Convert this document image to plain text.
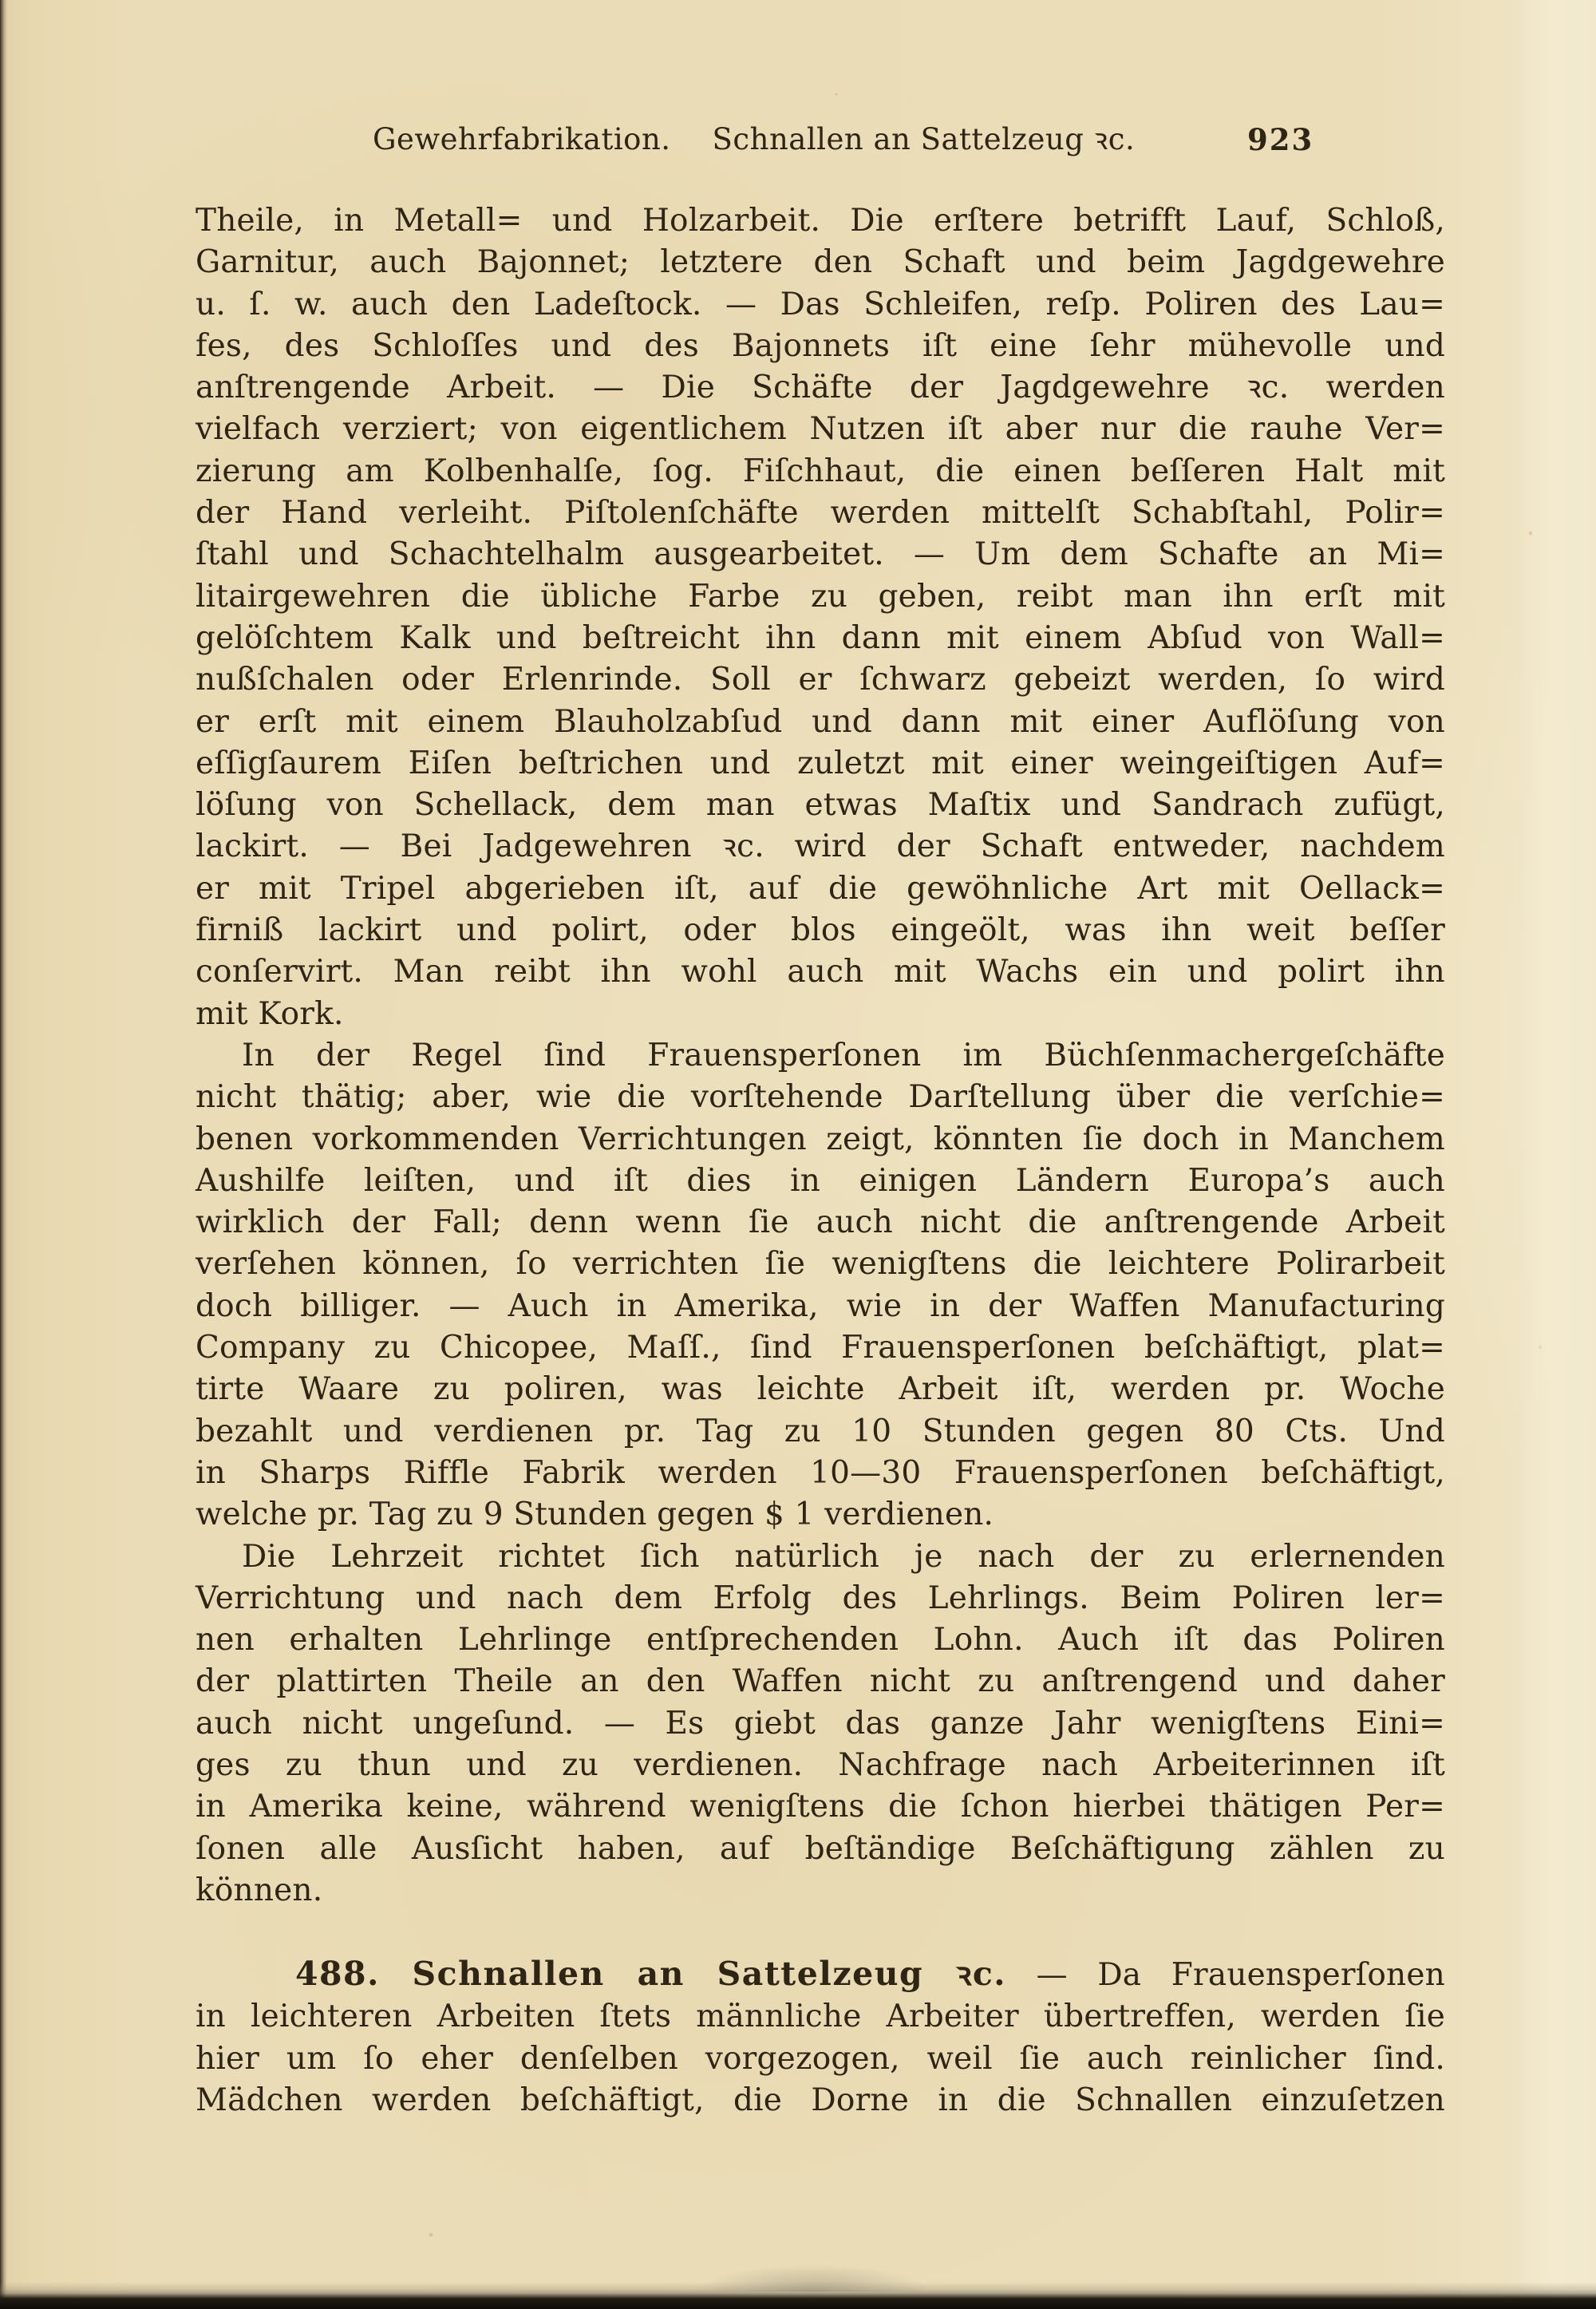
Gewehrfabrikation. Schnallen an Sattelzeug ꝛc.	923
Theile, in Metall= und Holzarbeit. Die erſtere betrifft Lauf, Schloß,
Garnitur, auch Bajonnet; letztere den Schaft und beim Jagdgewehre
u. ſ. w. auch den Ladeſtock. — Das Schleifen, reſp. Poliren des Lau=
fes, des Schloſſes und des Bajonnets iſt eine ſehr mühevolle und
anſtrengende Arbeit. — Die Schäfte der Jagdgewehre ꝛc. werden
vielfach verziert; von eigentlichem Nutzen iſt aber nur die rauhe Ver=
zierung am Kolbenhalſe, ſog. Fiſchhaut, die einen beſſeren Halt mit
der Hand verleiht. Piſtolenſchäfte werden mittelſt Schabſtahl, Polir=
ſtahl und Schachtelhalm ausgearbeitet. — Um dem Schafte an Mi=
litairgewehren die übliche Farbe zu geben, reibt man ihn erſt mit
gelöſchtem Kalk und beſtreicht ihn dann mit einem Abſud von Wall=
nußſchalen oder Erlenrinde. Soll er ſchwarz gebeizt werden, ſo wird
er erſt mit einem Blauholzabſud und dann mit einer Auflöſung von
eſſigſaurem Eiſen beſtrichen und zuletzt mit einer weingeiſtigen Auf=
löſung von Schellack, dem man etwas Maſtix und Sandrach zufügt,
lackirt. — Bei Jadgewehren ꝛc. wird der Schaft entweder, nachdem
er mit Tripel abgerieben iſt, auf die gewöhnliche Art mit Oellack=
firniß lackirt und polirt, oder blos eingeölt, was ihn weit beſſer
conſervirt. Man reibt ihn wohl auch mit Wachs ein und polirt ihn
mit Kork.
In der Regel ſind Frauensperſonen im Büchſenmachergeſchäfte
nicht thätig; aber, wie die vorſtehende Darſtellung über die verſchie=
benen vorkommenden Verrichtungen zeigt, könnten ſie doch in Manchem
Aushilfe leiſten, und iſt dies in einigen Ländern Europa’s auch
wirklich der Fall; denn wenn ſie auch nicht die anſtrengende Arbeit
verſehen können, ſo verrichten ſie wenigſtens die leichtere Polirarbeit
doch billiger. — Auch in Amerika, wie in der Waffen Manufacturing
Company zu Chicopee, Maſſ., ſind Frauensperſonen beſchäftigt, plat=
tirte Waare zu poliren, was leichte Arbeit iſt, werden pr. Woche
bezahlt und verdienen pr. Tag zu 10 Stunden gegen 80 Cts. Und
in Sharps Riffle Fabrik werden 10—30 Frauensperſonen beſchäftigt,
welche pr. Tag zu 9 Stunden gegen $ 1 verdienen.
Die Lehrzeit richtet ſich natürlich je nach der zu erlernenden
Verrichtung und nach dem Erfolg des Lehrlings. Beim Poliren ler=
nen erhalten Lehrlinge entſprechenden Lohn. Auch iſt das Poliren
der plattirten Theile an den Waffen nicht zu anſtrengend und daher
auch nicht ungeſund. — Es giebt das ganze Jahr wenigſtens Eini=
ges zu thun und zu verdienen. Nachfrage nach Arbeiterinnen iſt
in Amerika keine, während wenigſtens die ſchon hierbei thätigen Per=
ſonen alle Ausſicht haben, auf beſtändige Beſchäftigung zählen zu
können.
488. Schnallen an Sattelzeug ꝛc. — Da Frauensperſonen
in leichteren Arbeiten ſtets männliche Arbeiter übertreffen, werden ſie
hier um ſo eher denſelben vorgezogen, weil ſie auch reinlicher ſind.
Mädchen werden beſchäftigt, die Dorne in die Schnallen einzuſetzen
